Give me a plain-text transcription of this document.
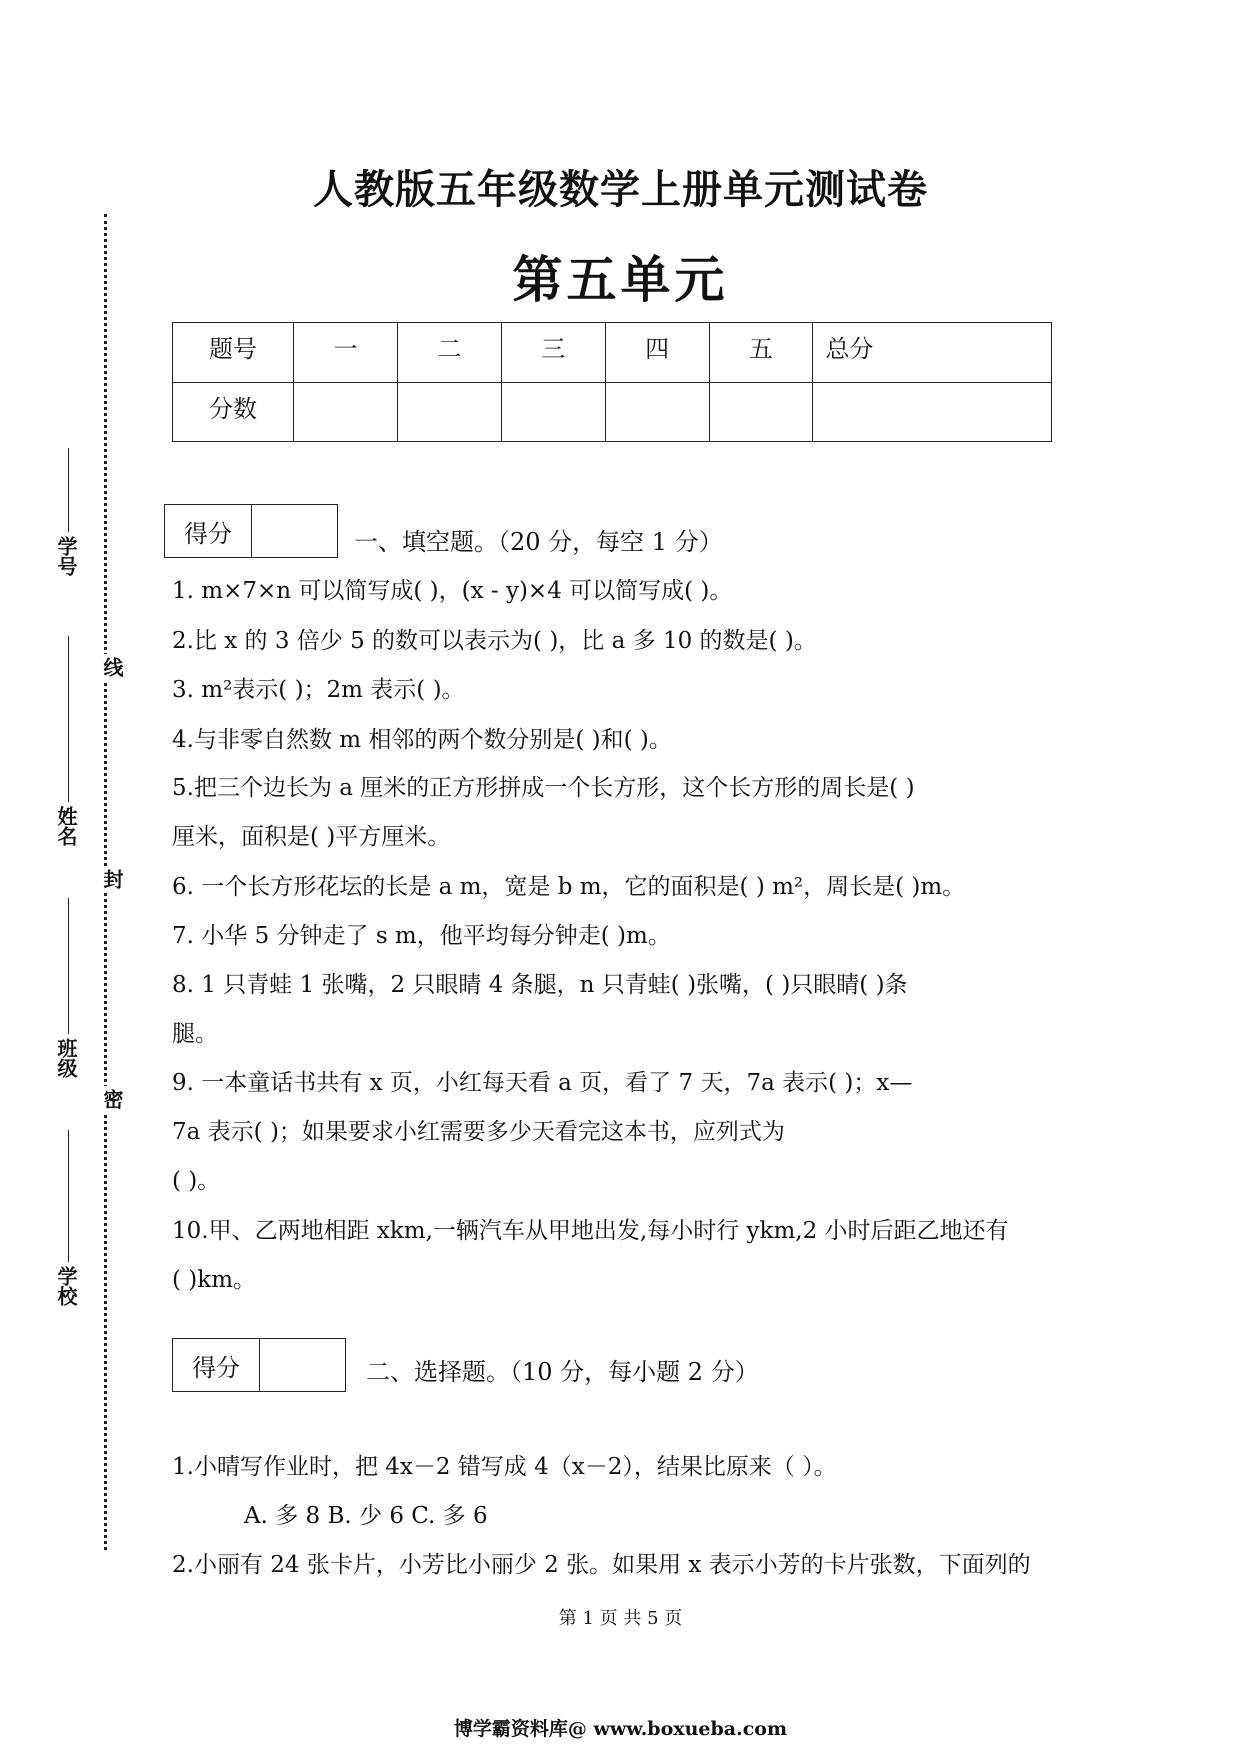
人教版五年级数学上册单元测试卷
第五单元
题号	一	二	三	四	五	总分
分数						
学号
姓名
班级
学校
线
封
密
得分	一、填空题。（20 分，每空 1 分）
1. m×7×n 可以简写成( )，(x - y)×4 可以简写成( )。
2.比 x 的 3 倍少 5 的数可以表示为( )，比 a 多 10 的数是( )。
3. m²表示( )；2m 表示( )。
4.与非零自然数 m 相邻的两个数分别是( )和( )。
5.把三个边长为 a 厘米的正方形拼成一个长方形，这个长方形的周长是( )
厘米，面积是( )平方厘米。
6. 一个长方形花坛的长是 a m，宽是 b m，它的面积是( ) m²，周长是( )m。
7. 小华 5 分钟走了 s m，他平均每分钟走( )m。
8. 1 只青蛙 1 张嘴，2 只眼睛 4 条腿，n 只青蛙( )张嘴，( )只眼睛( )条
腿。
9. 一本童话书共有 x 页，小红每天看 a 页，看了 7 天，7a 表示( )；x—
7a 表示( )；如果要求小红需要多少天看完这本书，应列式为
( )。
10.甲、乙两地相距 xkm,一辆汽车从甲地出发,每小时行 ykm,2 小时后距乙地还有
( )km。
得分	二、选择题。（10 分，每小题 2 分）
1.小晴写作业时，把 4x－2 错写成 4（x－2），结果比原来（ ）。
A. 多 8 B. 少 6 C. 多 6
2.小丽有 24 张卡片，小芳比小丽少 2 张。如果用 x 表示小芳的卡片张数，下面列的
第 1 页 共 5 页
博学霸资料库@ www.boxueba.com
